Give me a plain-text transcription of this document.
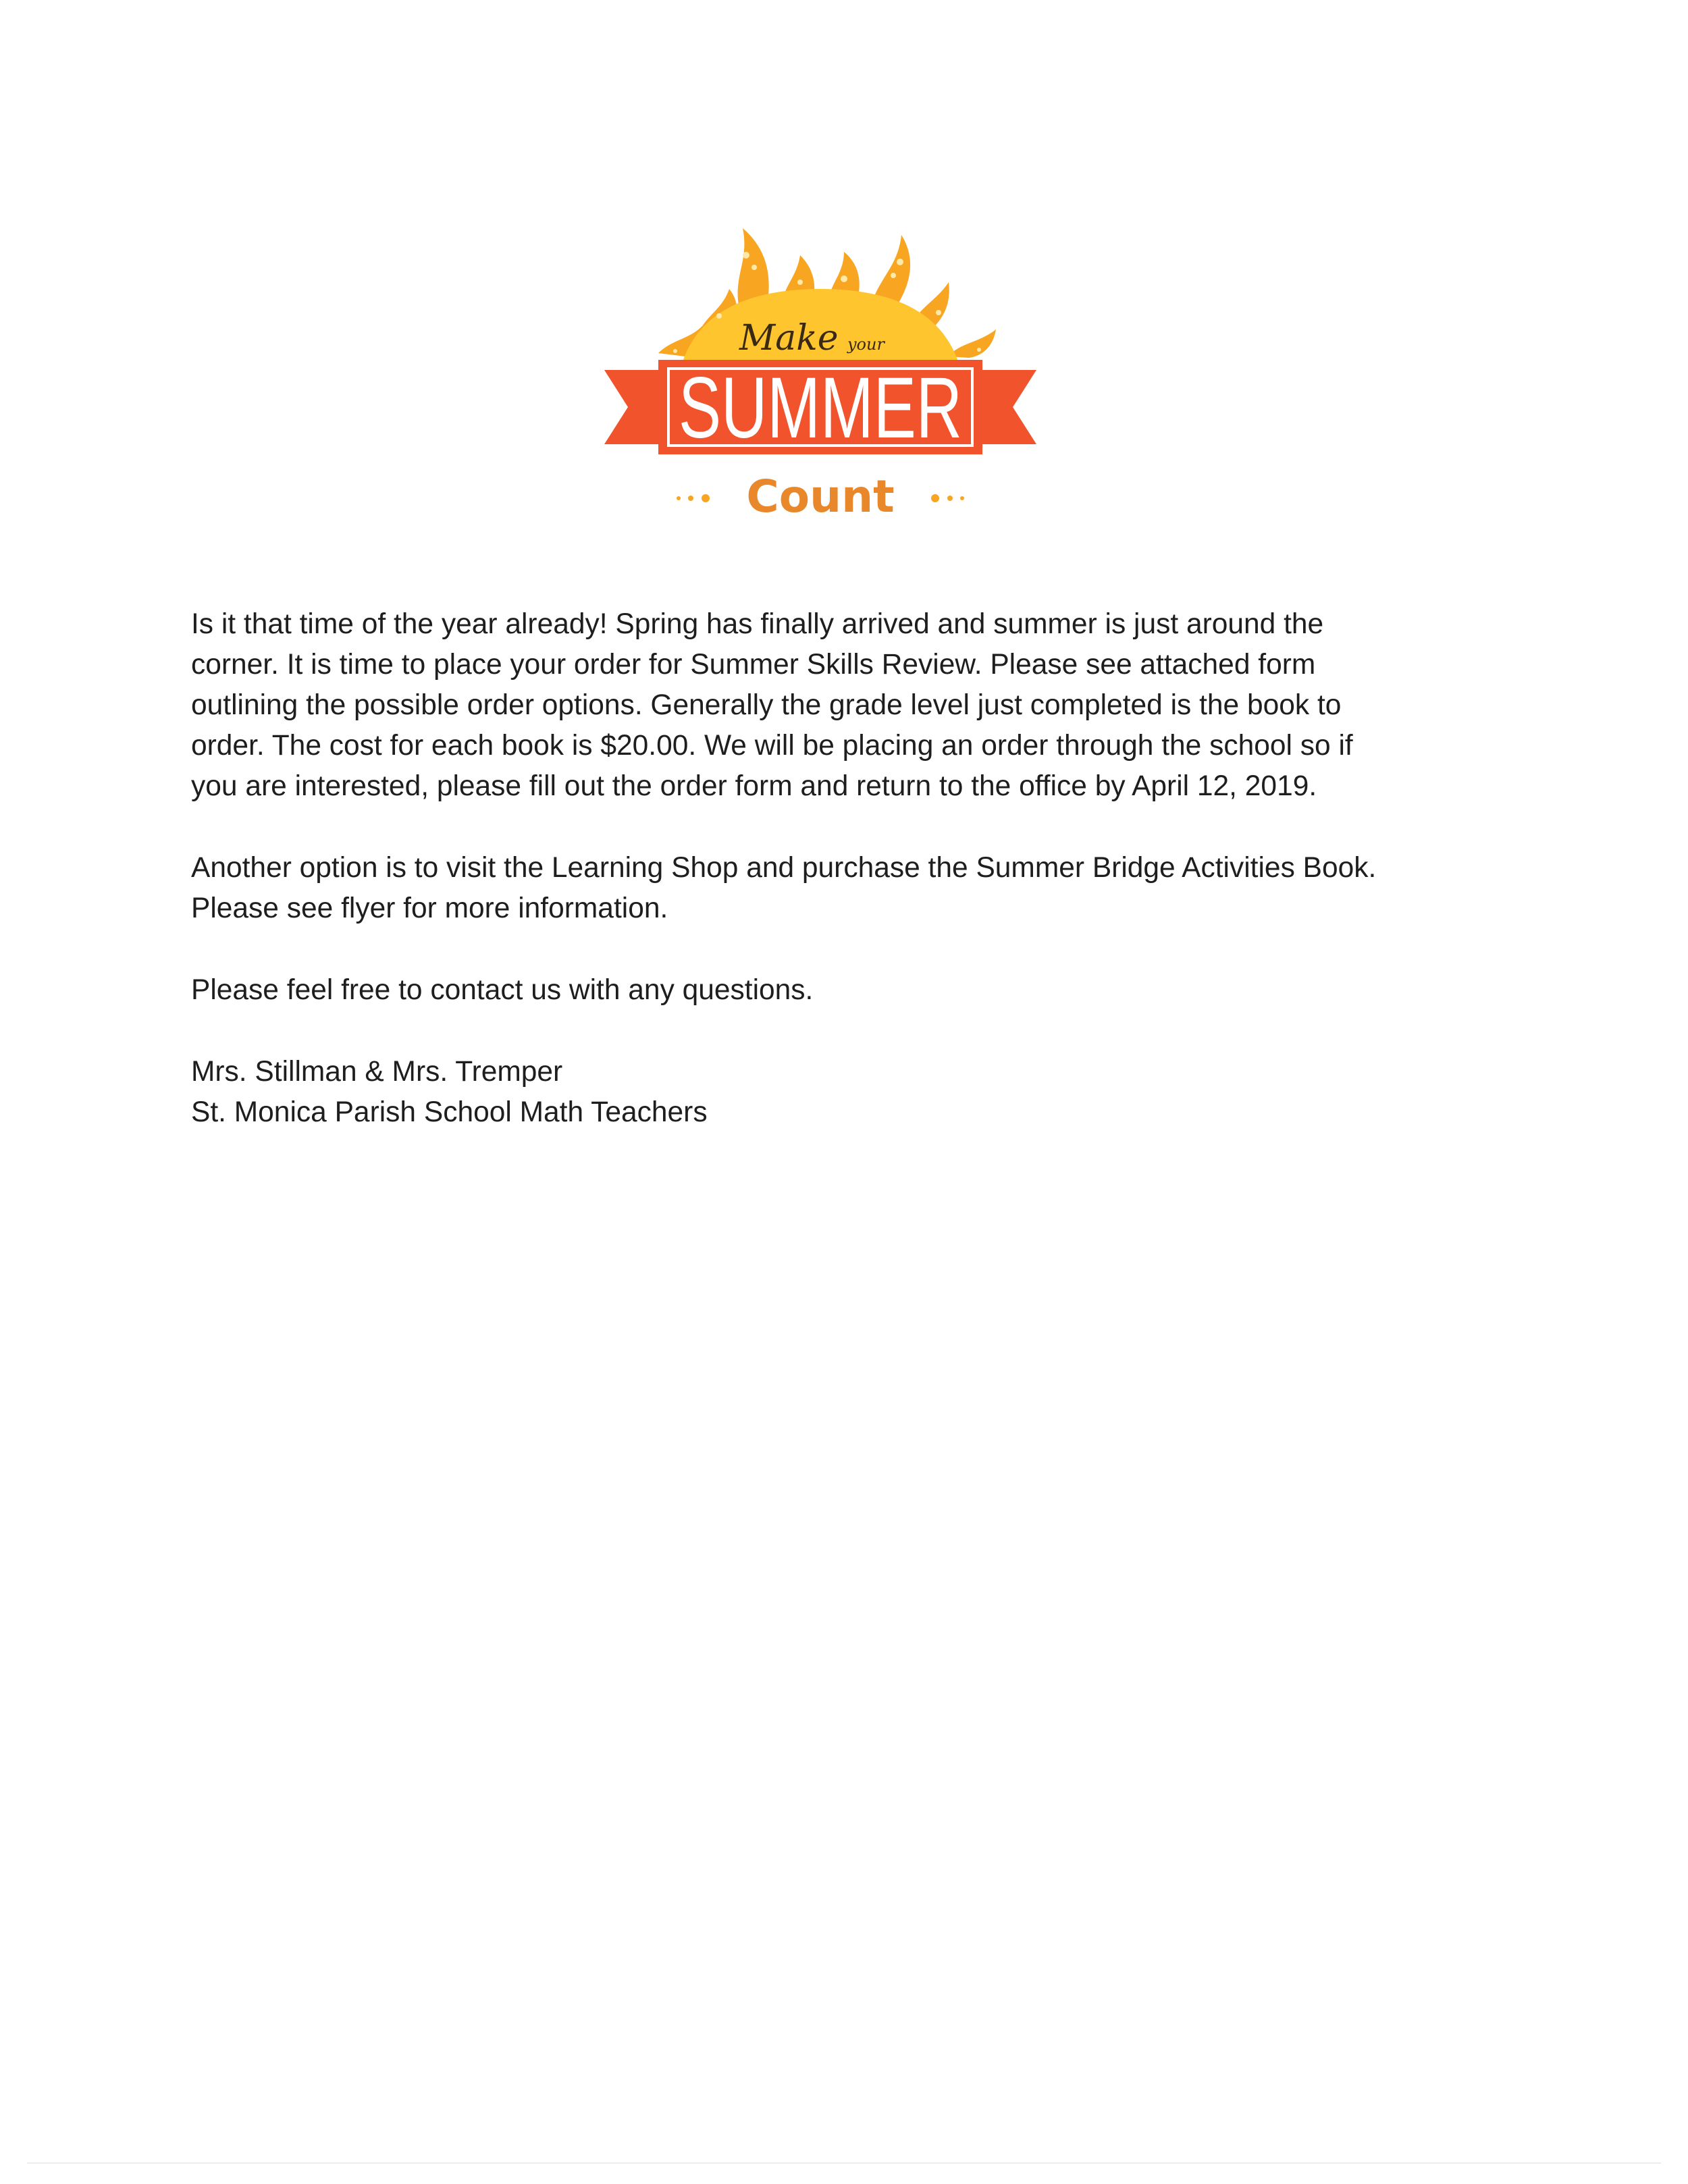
Make your
SUMMER
Count

Is it that time of the year already! Spring has finally arrived and summer is just around the
corner. It is time to place your order for Summer Skills Review. Please see attached form
outlining the possible order options. Generally the grade level just completed is the book to
order. The cost for each book is $20.00. We will be placing an order through the school so if
you are interested, please fill out the order form and return to the office by April 12, 2019.

Another option is to visit the Learning Shop and purchase the Summer Bridge Activities Book.
Please see flyer for more information.

Please feel free to contact us with any questions.

Mrs. Stillman & Mrs. Tremper
St. Monica Parish School Math Teachers
